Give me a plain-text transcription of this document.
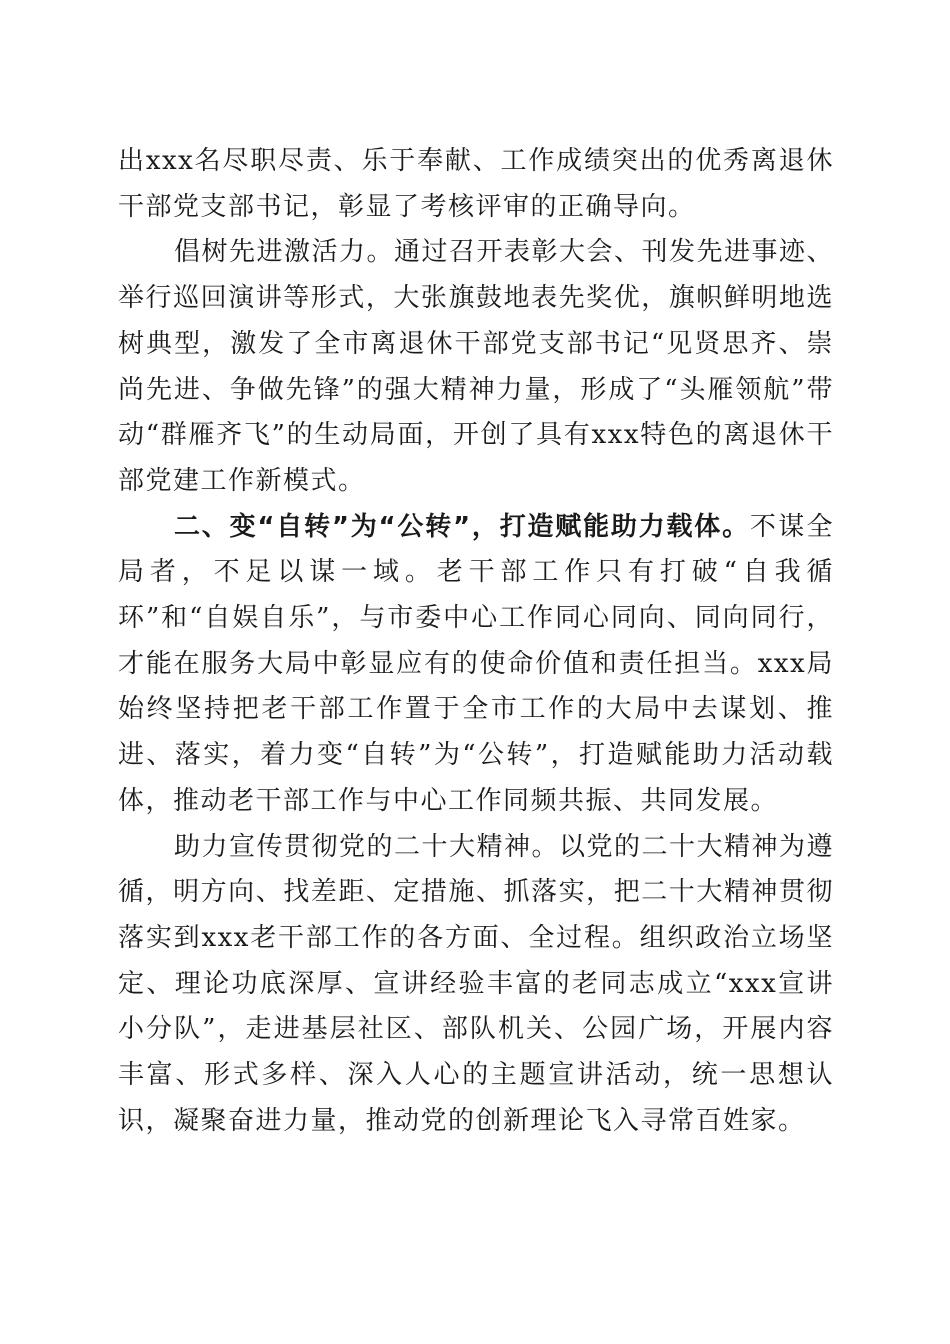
出xxx名尽职尽责、乐于奉献、工作成绩突出的优秀离退休干部党支部书记，彰显了考核评审的正确导向。

倡树先进激活力。通过召开表彰大会、刊发先进事迹、举行巡回演讲等形式，大张旗鼓地表先奖优，旗帜鲜明地选树典型，激发了全市离退休干部党支部书记“见贤思齐、崇尚先进、争做先锋”的强大精神力量，形成了“头雁领航”带动“群雁齐飞”的生动局面，开创了具有xxx特色的离退休干部党建工作新模式。

二、变“自转”为“公转”，打造赋能助力载体。不谋全局者，不足以谋一域。老干部工作只有打破“自我循环”和“自娱自乐”，与市委中心工作同心同向、同向同行，才能在服务大局中彰显应有的使命价值和责任担当。xxx局始终坚持把老干部工作置于全市工作的大局中去谋划、推进、落实，着力变“自转”为“公转”，打造赋能助力活动载体，推动老干部工作与中心工作同频共振、共同发展。

助力宣传贯彻党的二十大精神。以党的二十大精神为遵循，明方向、找差距、定措施、抓落实，把二十大精神贯彻落实到xxx老干部工作的各方面、全过程。组织政治立场坚定、理论功底深厚、宣讲经验丰富的老同志成立“xxx宣讲小分队”，走进基层社区、部队机关、公园广场，开展内容丰富、形式多样、深入人心的主题宣讲活动，统一思想认识，凝聚奋进力量，推动党的创新理论飞入寻常百姓家。
